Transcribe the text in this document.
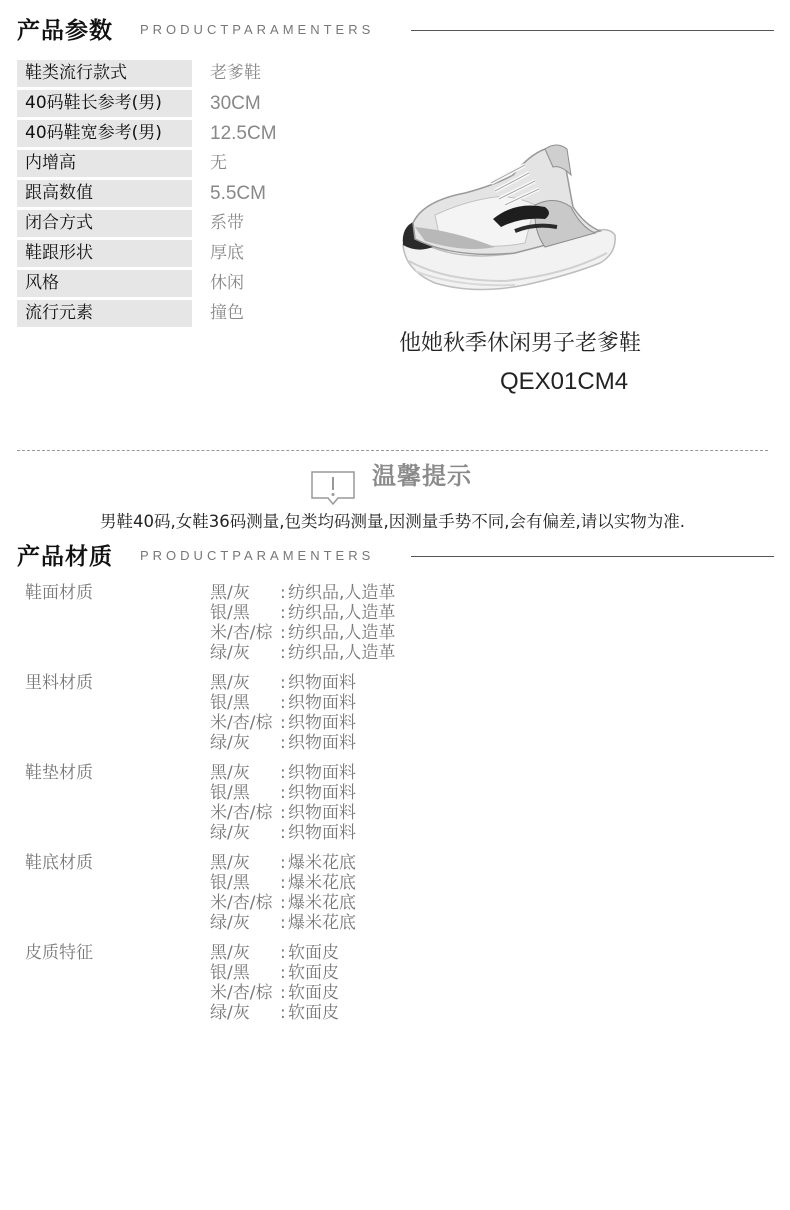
产品参数 PRODUCTPARAMENTERS
鞋类流行款式	老爹鞋
40码鞋长参考(男)	30CM
40码鞋宽参考(男)	12.5CM
内增高	无
跟高数值	5.5CM
闭合方式	系带
鞋跟形状	厚底
风格	休闲
流行元素	撞色
他她秋季休闲男子老爹鞋
QEX01CM4
温馨提示
男鞋40码,女鞋36码测量,包类均码测量,因测量手势不同,会有偏差,请以实物为准.
产品材质 PRODUCTPARAMENTERS
鞋面材质	黑/灰 : 纺织品,人造革
银/黑 : 纺织品,人造革
米/杏/棕 : 纺织品,人造革
绿/灰 : 纺织品,人造革
里料材质	黑/灰 : 织物面料
银/黑 : 织物面料
米/杏/棕 : 织物面料
绿/灰 : 织物面料
鞋垫材质	黑/灰 : 织物面料
银/黑 : 织物面料
米/杏/棕 : 织物面料
绿/灰 : 织物面料
鞋底材质	黑/灰 : 爆米花底
银/黑 : 爆米花底
米/杏/棕 : 爆米花底
绿/灰 : 爆米花底
皮质特征	黑/灰 : 软面皮
银/黑 : 软面皮
米/杏/棕 : 软面皮
绿/灰 : 软面皮
